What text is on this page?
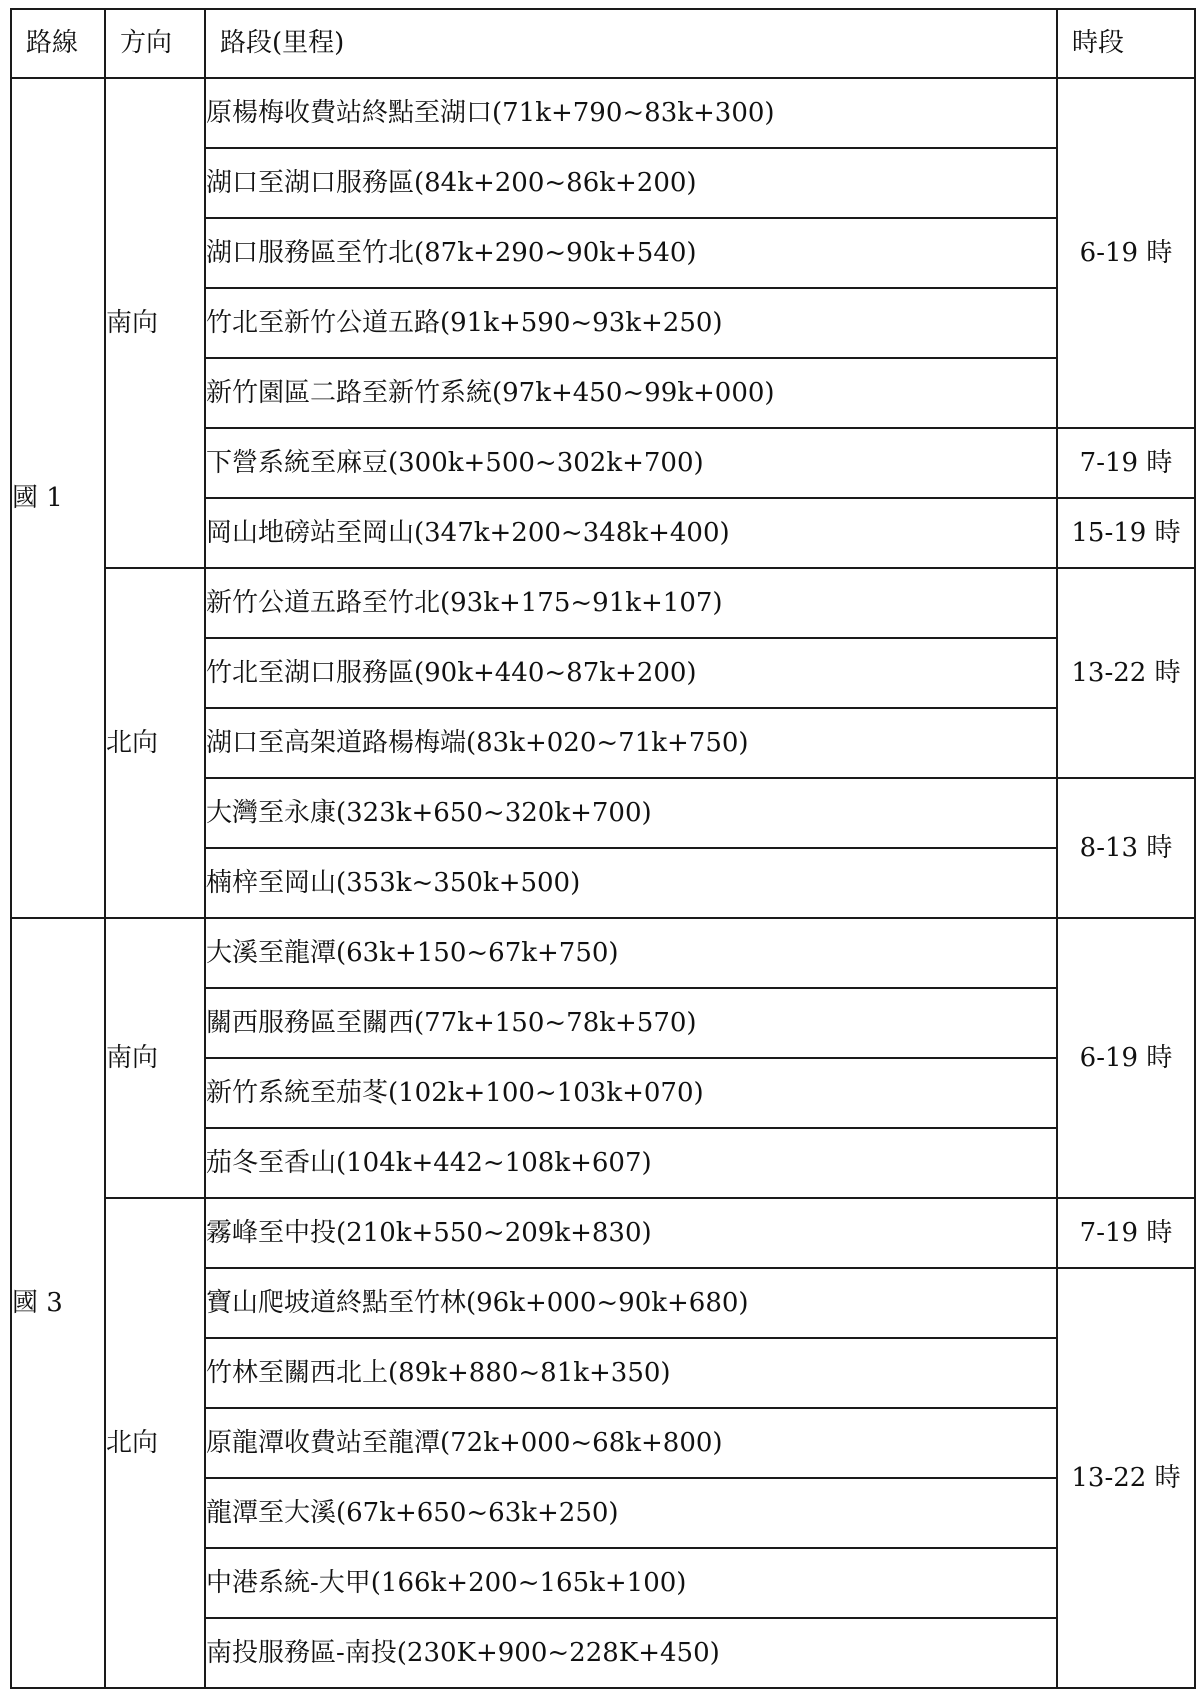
路線	方向	路段(里程)	時段
國 1	南向	原楊梅收費站終點至湖口(71k+790~83k+300)	6-19 時
		湖口至湖口服務區(84k+200~86k+200)	
		湖口服務區至竹北(87k+290~90k+540)	
		竹北至新竹公道五路(91k+590~93k+250)	
		新竹園區二路至新竹系統(97k+450~99k+000)	
		下營系統至麻豆(300k+500~302k+700)	7-19 時
		岡山地磅站至岡山(347k+200~348k+400)	15-19 時
	北向	新竹公道五路至竹北(93k+175~91k+107)	13-22 時
		竹北至湖口服務區(90k+440~87k+200)	
		湖口至高架道路楊梅端(83k+020~71k+750)	
		大灣至永康(323k+650~320k+700)	8-13 時
		楠梓至岡山(353k~350k+500)	
國 3	南向	大溪至龍潭(63k+150~67k+750)	6-19 時
		關西服務區至關西(77k+150~78k+570)	
		新竹系統至茄苳(102k+100~103k+070)	
		茄冬至香山(104k+442~108k+607)	
	北向	霧峰至中投(210k+550~209k+830)	7-19 時
		寶山爬坡道終點至竹林(96k+000~90k+680)	13-22 時
		竹林至關西北上(89k+880~81k+350)	
		原龍潭收費站至龍潭(72k+000~68k+800)	
		龍潭至大溪(67k+650~63k+250)	
		中港系統-大甲(166k+200~165k+100)	
		南投服務區-南投(230K+900~228K+450)	
